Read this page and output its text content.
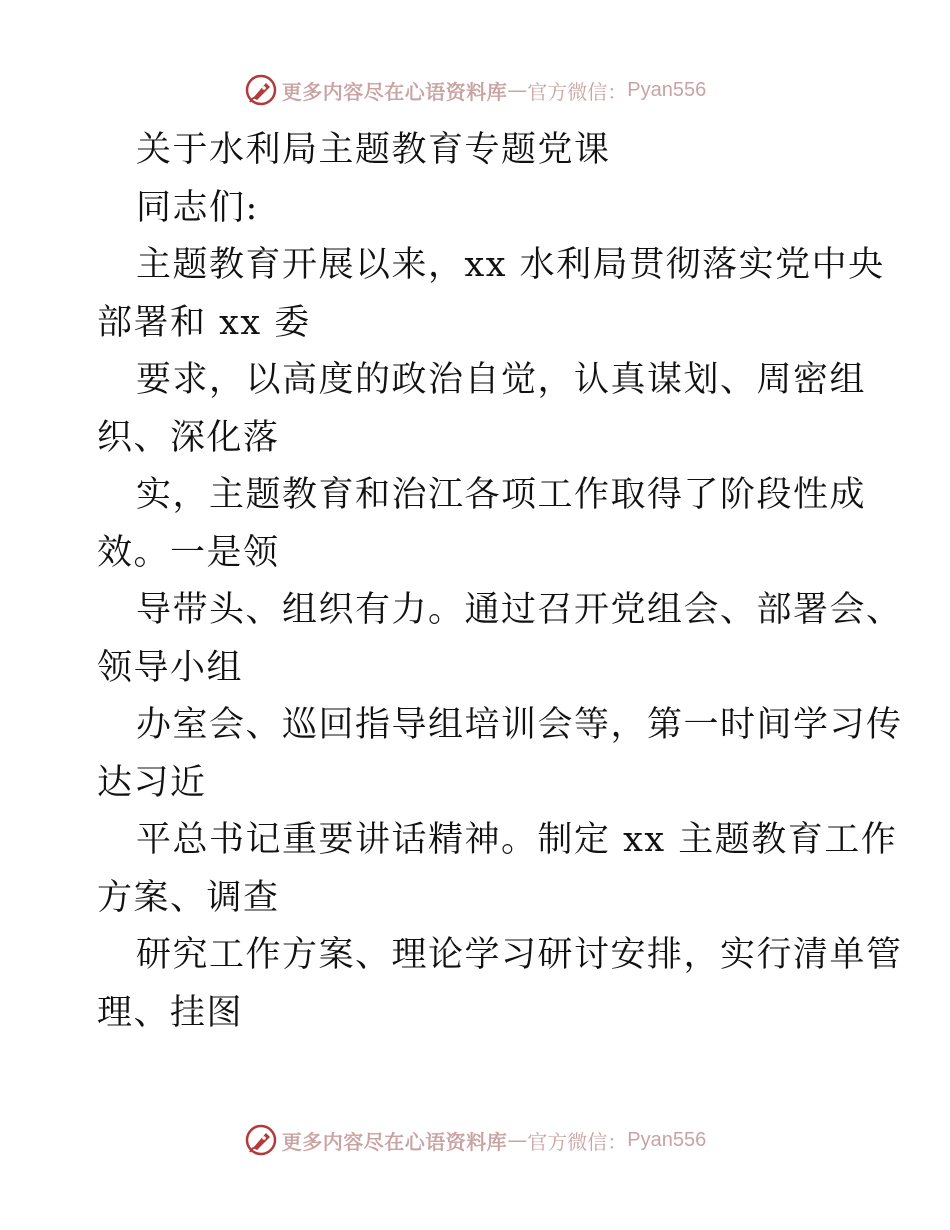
更多内容尽在心语资料库 — 官方微信： Pyan556
关于水利局主题教育专题党课
同志们:
主题教育开展以来，xx 水利局贯彻落实党中央
部署和 xx 委
要求，以高度的政治自觉，认真谋划、周密组
织、深化落
实，主题教育和治江各项工作取得了阶段性成
效。一是领
导带头、组织有力。通过召开党组会、部署会、
领导小组
办室会、巡回指导组培训会等，第一时间学习传
达习近
平总书记重要讲话精神。制定 xx 主题教育工作
方案、调查
研究工作方案、理论学习研讨安排，实行清单管
理、挂图
更多内容尽在心语资料库 — 官方微信： Pyan556
